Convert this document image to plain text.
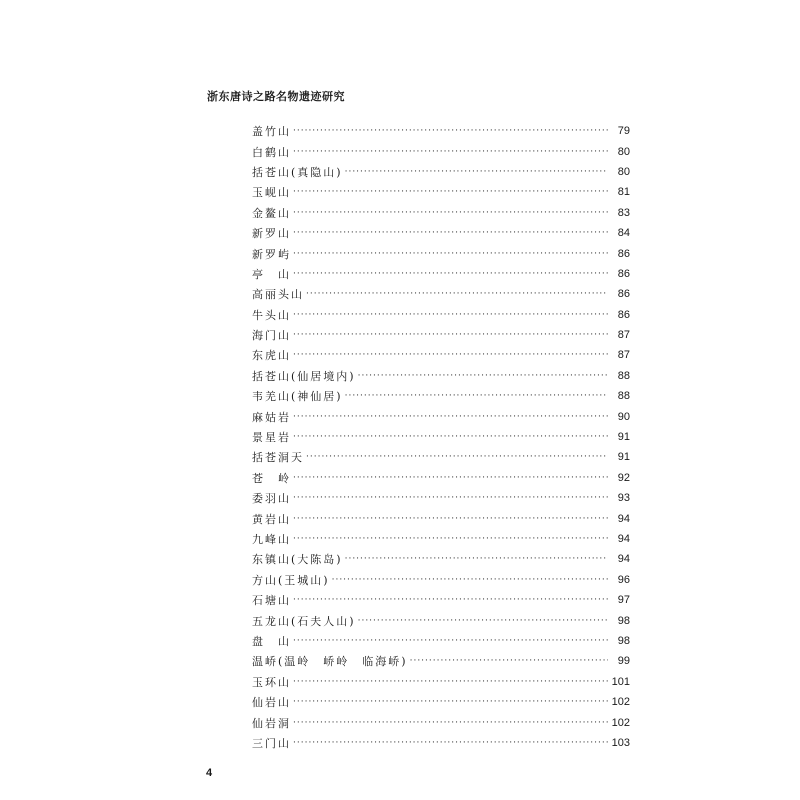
浙东唐诗之路名物遗迹研究
盖竹山 ·····	79
白鹤山 ·····	80
括苍山(真隐山) ·····	80
玉岘山 ·····	81
金鳌山 ·····	83
新罗山 ·····	84
新罗屿 ·····	86
亭　山 ·····	86
高丽头山 ·····	86
牛头山 ·····	86
海门山 ·····	87
东虎山 ·····	87
括苍山(仙居境内) ·····	88
韦羌山(神仙居) ·····	88
麻姑岩 ·····	90
景星岩 ·····	91
括苍洞天 ·····	91
苍　岭 ·····	92
委羽山 ·····	93
黄岩山 ·····	94
九峰山 ·····	94
东镇山(大陈岛) ·····	94
方山(王城山) ·····	96
石塘山 ·····	97
五龙山(石夫人山) ·····	98
盘　山 ·····	98
温峤(温岭　峤岭　临海峤) ·····	99
玉环山 ·····	101
仙岩山 ·····	102
仙岩洞 ·····	102
三门山 ·····	103
4
